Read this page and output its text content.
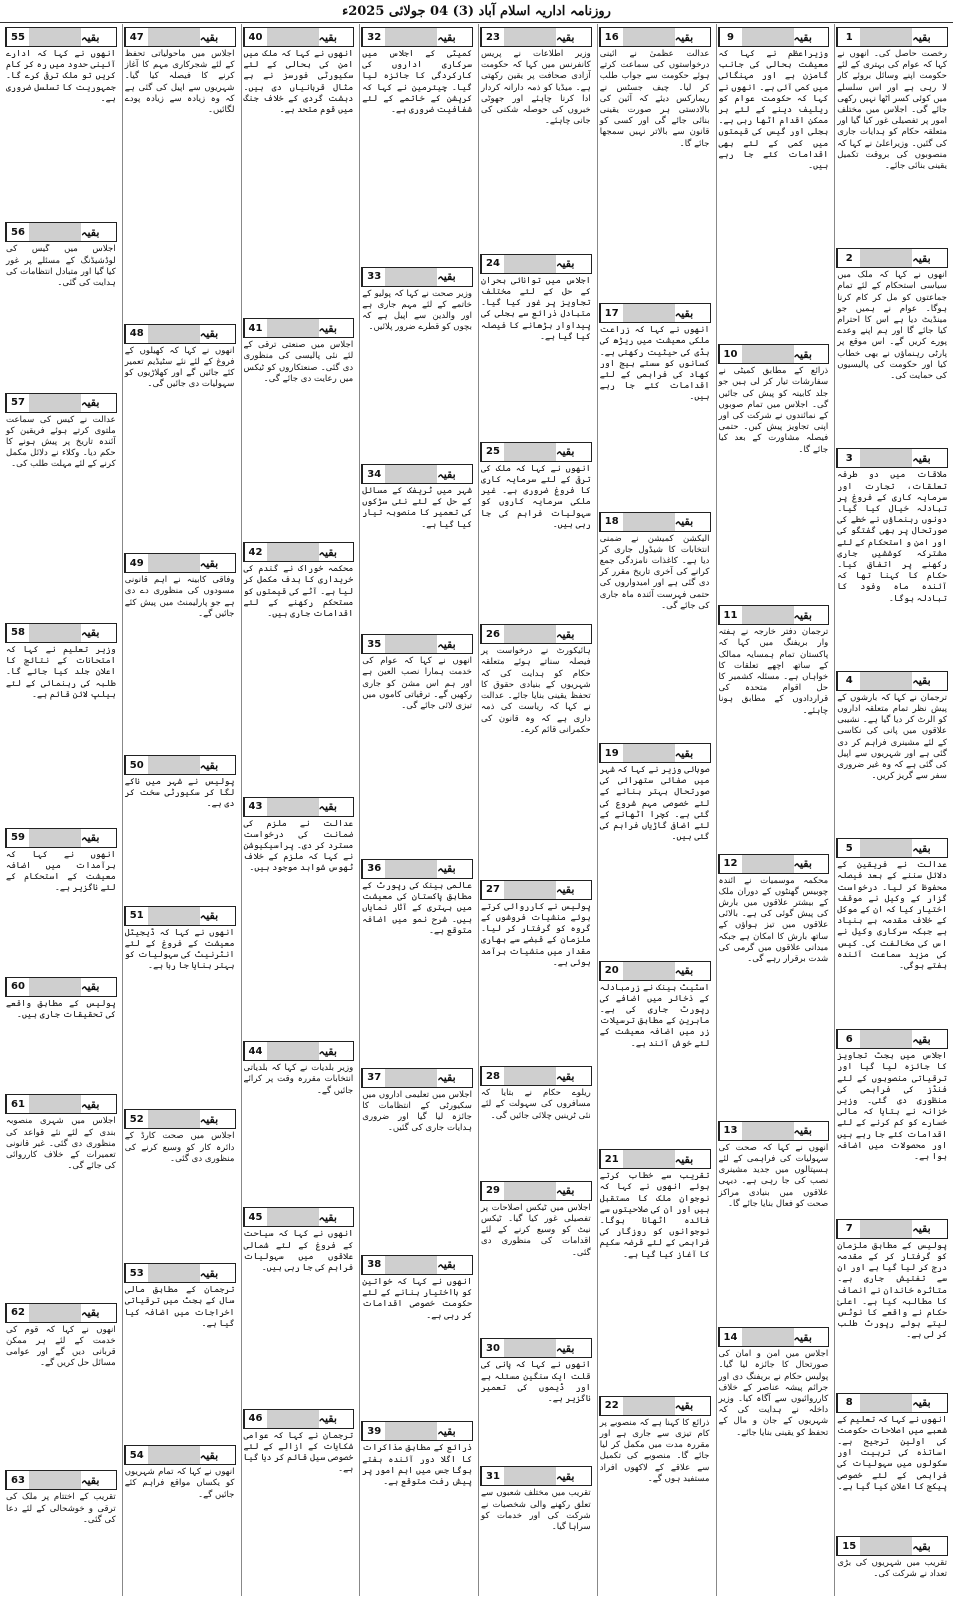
روزنامہ اداریہ اسلام آباد (3) 04 جولائی 2025ء
1	بقیہ
رخصت حاصل کی۔ انھوں نے کہا کہ عوام کی بہتری کے لئے حکومت اپنے وسائل بروئے کار لا رہی ہے اور اس سلسلے میں کوئی کسر اٹھا نہیں رکھی جائے گی۔ اجلاس میں مختلف امور پر تفصیلی غور کیا گیا اور متعلقہ حکام کو ہدایات جاری کی گئیں۔ وزیراعلیٰ نے کہا کہ منصوبوں کی بروقت تکمیل یقینی بنائی جائے۔
2	بقیہ
انھوں نے کہا کہ ملک میں سیاسی استحکام کے لئے تمام جماعتوں کو مل کر کام کرنا ہوگا۔ عوام نے ہمیں جو مینڈیٹ دیا ہے اس کا احترام کیا جائے گا اور ہم اپنے وعدے پورے کریں گے۔ اس موقع پر پارٹی رہنماؤں نے بھی خطاب کیا اور حکومت کی پالیسیوں کی حمایت کی۔
3	بقیہ
ملاقات میں دو طرفہ تعلقات، تجارت اور سرمایہ کاری کے فروغ پر تبادلہ خیال کیا گیا۔ دونوں رہنماؤں نے خطے کی صورتحال پر بھی گفتگو کی اور امن و استحکام کے لئے مشترکہ کوششیں جاری رکھنے پر اتفاق کیا۔ حکام کا کہنا تھا کہ آئندہ ماہ وفود کا تبادلہ ہوگا۔
4	بقیہ
ترجمان نے کہا کہ بارشوں کے پیش نظر تمام متعلقہ اداروں کو الرٹ کر دیا گیا ہے۔ نشیبی علاقوں میں پانی کی نکاسی کے لئے مشینری فراہم کر دی گئی ہے اور شہریوں سے اپیل کی گئی ہے کہ وہ غیر ضروری سفر سے گریز کریں۔
5	بقیہ
عدالت نے فریقین کے دلائل سننے کے بعد فیصلہ محفوظ کر لیا۔ درخواست گزار کے وکیل نے موقف اختیار کیا کہ ان کے موکل کے خلاف مقدمہ بے بنیاد ہے جبکہ سرکاری وکیل نے اس کی مخالفت کی۔ کیس کی مزید سماعت آئندہ ہفتے ہوگی۔
6	بقیہ
اجلاس میں بجٹ تجاویز کا جائزہ لیا گیا اور ترقیاتی منصوبوں کے لئے فنڈز کی فراہمی کی منظوری دی گئی۔ وزیر خزانہ نے بتایا کہ مالی خسارے کو کم کرنے کے لئے اقدامات کئے جا رہے ہیں اور محصولات میں اضافہ ہوا ہے۔
7	بقیہ
پولیس کے مطابق ملزمان کو گرفتار کر کے مقدمہ درج کر لیا گیا ہے اور ان سے تفتیش جاری ہے۔ متاثرہ خاندان نے انصاف کا مطالبہ کیا ہے۔ اعلیٰ حکام نے واقعے کا نوٹس لیتے ہوئے رپورٹ طلب کر لی ہے۔
8	بقیہ
انھوں نے کہا کہ تعلیم کے شعبے میں اصلاحات حکومت کی اولین ترجیح ہے۔ اساتذہ کی تربیت اور سکولوں میں سہولیات کی فراہمی کے لئے خصوصی پیکج کا اعلان کیا گیا ہے۔
15	بقیہ
تقریب میں شہریوں کی بڑی تعداد نے شرکت کی۔
9	بقیہ
وزیراعظم نے کہا کہ معیشت بحالی کی جانب گامزن ہے اور مہنگائی میں کمی آئی ہے۔ انھوں نے کہا کہ حکومت عوام کو ریلیف دینے کے لئے ہر ممکن اقدام اٹھا رہی ہے۔ بجلی اور گیس کی قیمتوں میں کمی کے لئے بھی اقدامات کئے جا رہے ہیں۔
10	بقیہ
ذرائع کے مطابق کمیٹی نے سفارشات تیار کر لی ہیں جو جلد کابینہ کو پیش کی جائیں گی۔ اجلاس میں تمام صوبوں کے نمائندوں نے شرکت کی اور اپنی تجاویز پیش کیں۔ حتمی فیصلہ مشاورت کے بعد کیا جائے گا۔
11	بقیہ
ترجمان دفتر خارجہ نے ہفتہ وار بریفنگ میں کہا کہ پاکستان تمام ہمسایہ ممالک کے ساتھ اچھے تعلقات کا خواہاں ہے۔ مسئلہ کشمیر کا حل اقوام متحدہ کی قراردادوں کے مطابق ہونا چاہئے۔
12	بقیہ
محکمہ موسمیات نے آئندہ چوبیس گھنٹوں کے دوران ملک کے بیشتر علاقوں میں بارش کی پیش گوئی کی ہے۔ بالائی علاقوں میں تیز ہواؤں کے ساتھ بارش کا امکان ہے جبکہ میدانی علاقوں میں گرمی کی شدت برقرار رہے گی۔
13	بقیہ
انھوں نے کہا کہ صحت کی سہولیات کی فراہمی کے لئے ہسپتالوں میں جدید مشینری نصب کی جا رہی ہے۔ دیہی علاقوں میں بنیادی مراکز صحت کو فعال بنایا جائے گا۔
14	بقیہ
اجلاس میں امن و امان کی صورتحال کا جائزہ لیا گیا۔ پولیس حکام نے بریفنگ دی اور جرائم پیشہ عناصر کے خلاف کارروائیوں سے آگاہ کیا۔ وزیر داخلہ نے ہدایت کی کہ شہریوں کے جان و مال کے تحفظ کو یقینی بنایا جائے۔
16	بقیہ
عدالت عظمیٰ نے آئینی درخواستوں کی سماعت کرتے ہوئے حکومت سے جواب طلب کر لیا۔ چیف جسٹس نے ریمارکس دیئے کہ آئین کی بالادستی ہر صورت یقینی بنائی جائے گی اور کسی کو قانون سے بالاتر نہیں سمجھا جائے گا۔
17	بقیہ
انھوں نے کہا کہ زراعت ملکی معیشت میں ریڑھ کی ہڈی کی حیثیت رکھتی ہے۔ کسانوں کو سستے بیج اور کھاد کی فراہمی کے لئے اقدامات کئے جا رہے ہیں۔
18	بقیہ
الیکشن کمیشن نے ضمنی انتخابات کا شیڈول جاری کر دیا ہے۔ کاغذات نامزدگی جمع کرانے کی آخری تاریخ مقرر کر دی گئی ہے اور امیدواروں کی حتمی فہرست آئندہ ماہ جاری کی جائے گی۔
19	بقیہ
صوبائی وزیر نے کہا کہ شہر میں صفائی ستھرائی کی صورتحال بہتر بنانے کے لئے خصوصی مہم شروع کی گئی ہے۔ کچرا اٹھانے کے لئے اضافی گاڑیاں فراہم کی گئی ہیں۔
20	بقیہ
اسٹیٹ بینک نے زرمبادلہ کے ذخائر میں اضافے کی رپورٹ جاری کی ہے۔ ماہرین کے مطابق ترسیلات زر میں اضافہ معیشت کے لئے خوش آئند ہے۔
21	بقیہ
تقریب سے خطاب کرتے ہوئے انھوں نے کہا کہ نوجوان ملک کا مستقبل ہیں اور ان کی صلاحیتوں سے فائدہ اٹھانا ہوگا۔ نوجوانوں کو روزگار کی فراہمی کے لئے قرضہ سکیم کا آغاز کیا گیا ہے۔
22	بقیہ
ذرائع کا کہنا ہے کہ منصوبے پر کام تیزی سے جاری ہے اور مقررہ مدت میں مکمل کر لیا جائے گا۔ منصوبے کی تکمیل سے علاقے کے لاکھوں افراد مستفید ہوں گے۔
23	بقیہ
وزیر اطلاعات نے پریس کانفرنس میں کہا کہ حکومت آزادی صحافت پر یقین رکھتی ہے۔ میڈیا کو ذمہ دارانہ کردار ادا کرنا چاہئے اور جھوٹی خبروں کی حوصلہ شکنی کی جانی چاہئے۔
24	بقیہ
اجلاس میں توانائی بحران کے حل کے لئے مختلف تجاویز پر غور کیا گیا۔ متبادل ذرائع سے بجلی کی پیداوار بڑھانے کا فیصلہ کیا گیا ہے۔
25	بقیہ
انھوں نے کہا کہ ملک کی ترقی کے لئے سرمایہ کاری کا فروغ ضروری ہے۔ غیر ملکی سرمایہ کاروں کو سہولیات فراہم کی جا رہی ہیں۔
26	بقیہ
ہائیکورٹ نے درخواست پر فیصلہ سناتے ہوئے متعلقہ حکام کو ہدایت کی کہ شہریوں کے بنیادی حقوق کا تحفظ یقینی بنایا جائے۔ عدالت نے کہا کہ ریاست کی ذمہ داری ہے کہ وہ قانون کی حکمرانی قائم کرے۔
27	بقیہ
پولیس نے کارروائی کرتے ہوئے منشیات فروشوں کے گروہ کو گرفتار کر لیا۔ ملزمان کے قبضے سے بھاری مقدار میں منشیات برآمد ہوئی ہے۔
28	بقیہ
ریلوے حکام نے بتایا کہ مسافروں کی سہولت کے لئے نئی ٹرینیں چلائی جائیں گی۔
29	بقیہ
اجلاس میں ٹیکس اصلاحات پر تفصیلی غور کیا گیا۔ ٹیکس نیٹ کو وسیع کرنے کے لئے اقدامات کی منظوری دی گئی۔
30	بقیہ
انھوں نے کہا کہ پانی کی قلت ایک سنگین مسئلہ ہے اور ڈیموں کی تعمیر ناگزیر ہے۔
31	بقیہ
تقریب میں مختلف شعبوں سے تعلق رکھنے والی شخصیات نے شرکت کی اور خدمات کو سراہا گیا۔
32	بقیہ
کمیٹی کے اجلاس میں سرکاری اداروں کی کارکردگی کا جائزہ لیا گیا۔ چیئرمین نے کہا کہ کرپشن کے خاتمے کے لئے شفافیت ضروری ہے۔
33	بقیہ
وزیر صحت نے کہا کہ پولیو کے خاتمے کے لئے مہم جاری ہے اور والدین سے اپیل ہے کہ بچوں کو قطرے ضرور پلائیں۔
34	بقیہ
شہر میں ٹریفک کے مسائل کے حل کے لئے نئی سڑکوں کی تعمیر کا منصوبہ تیار کیا گیا ہے۔
35	بقیہ
انھوں نے کہا کہ عوام کی خدمت ہمارا نصب العین ہے اور ہم اس مشن کو جاری رکھیں گے۔ ترقیاتی کاموں میں تیزی لائی جائے گی۔
36	بقیہ
عالمی بینک کی رپورٹ کے مطابق پاکستان کی معیشت میں بہتری کے آثار نمایاں ہیں۔ شرح نمو میں اضافہ متوقع ہے۔
37	بقیہ
اجلاس میں تعلیمی اداروں میں سکیورٹی کے انتظامات کا جائزہ لیا گیا اور ضروری ہدایات جاری کی گئیں۔
38	بقیہ
انھوں نے کہا کہ خواتین کو بااختیار بنانے کے لئے حکومت خصوصی اقدامات کر رہی ہے۔
39	بقیہ
ذرائع کے مطابق مذاکرات کا اگلا دور آئندہ ہفتے ہوگا جس میں اہم امور پر پیش رفت متوقع ہے۔
40	بقیہ
انھوں نے کہا کہ ملک میں امن کی بحالی کے لئے سکیورٹی فورسز نے بے مثال قربانیاں دی ہیں۔ دہشت گردی کے خلاف جنگ میں قوم متحد ہے۔
41	بقیہ
اجلاس میں صنعتی ترقی کے لئے نئی پالیسی کی منظوری دی گئی۔ صنعتکاروں کو ٹیکس میں رعایت دی جائے گی۔
42	بقیہ
محکمہ خوراک نے گندم کی خریداری کا ہدف مکمل کر لیا ہے۔ آٹے کی قیمتوں کو مستحکم رکھنے کے لئے اقدامات جاری ہیں۔
43	بقیہ
عدالت نے ملزم کی ضمانت کی درخواست مسترد کر دی۔ پراسیکیوشن نے کہا کہ ملزم کے خلاف ٹھوس شواہد موجود ہیں۔
44	بقیہ
وزیر بلدیات نے کہا کہ بلدیاتی انتخابات مقررہ وقت پر کرائے جائیں گے۔
45	بقیہ
انھوں نے کہا کہ سیاحت کے فروغ کے لئے شمالی علاقوں میں سہولیات فراہم کی جا رہی ہیں۔
46	بقیہ
ترجمان نے کہا کہ عوامی شکایات کے ازالے کے لئے خصوصی سیل قائم کر دیا گیا ہے۔
47	بقیہ
اجلاس میں ماحولیاتی تحفظ کے لئے شجرکاری مہم کا آغاز کرنے کا فیصلہ کیا گیا۔ شہریوں سے اپیل کی گئی ہے کہ وہ زیادہ سے زیادہ پودے لگائیں۔
48	بقیہ
انھوں نے کہا کہ کھیلوں کے فروغ کے لئے نئے سٹیڈیم تعمیر کئے جائیں گے اور کھلاڑیوں کو سہولیات دی جائیں گی۔
49	بقیہ
وفاقی کابینہ نے اہم قانونی مسودوں کی منظوری دے دی ہے جو پارلیمنٹ میں پیش کئے جائیں گے۔
50	بقیہ
پولیس نے شہر میں ناکے لگا کر سکیورٹی سخت کر دی ہے۔
51	بقیہ
انھوں نے کہا کہ ڈیجیٹل معیشت کے فروغ کے لئے انٹرنیٹ کی سہولیات کو بہتر بنایا جا رہا ہے۔
52	بقیہ
اجلاس میں صحت کارڈ کے دائرہ کار کو وسیع کرنے کی منظوری دی گئی۔
53	بقیہ
ترجمان کے مطابق مالی سال کے بجٹ میں ترقیاتی اخراجات میں اضافہ کیا گیا ہے۔
54	بقیہ
انھوں نے کہا کہ تمام شہریوں کو یکساں مواقع فراہم کئے جائیں گے۔
55	بقیہ
انھوں نے کہا کہ ادارے آئینی حدود میں رہ کر کام کریں تو ملک ترقی کرے گا۔ جمہوریت کا تسلسل ضروری ہے۔
56	بقیہ
اجلاس میں گیس کی لوڈشیڈنگ کے مسئلے پر غور کیا گیا اور متبادل انتظامات کی ہدایت کی گئی۔
57	بقیہ
عدالت نے کیس کی سماعت ملتوی کرتے ہوئے فریقین کو آئندہ تاریخ پر پیش ہونے کا حکم دیا۔ وکلاء نے دلائل مکمل کرنے کے لئے مہلت طلب کی۔
58	بقیہ
وزیر تعلیم نے کہا کہ امتحانات کے نتائج کا اعلان جلد کیا جائے گا۔ طلبہ کی رہنمائی کے لئے ہیلپ لائن قائم ہے۔
59	بقیہ
انھوں نے کہا کہ برآمدات میں اضافہ معیشت کے استحکام کے لئے ناگزیر ہے۔
60	بقیہ
پولیس کے مطابق واقعے کی تحقیقات جاری ہیں۔
61	بقیہ
اجلاس میں شہری منصوبہ بندی کے لئے نئے قواعد کی منظوری دی گئی۔ غیر قانونی تعمیرات کے خلاف کارروائی کی جائے گی۔
62	بقیہ
انھوں نے کہا کہ قوم کی خدمت کے لئے ہر ممکن قربانی دیں گے اور عوامی مسائل حل کریں گے۔
63	بقیہ
تقریب کے اختتام پر ملک کی ترقی و خوشحالی کے لئے دعا کی گئی۔
